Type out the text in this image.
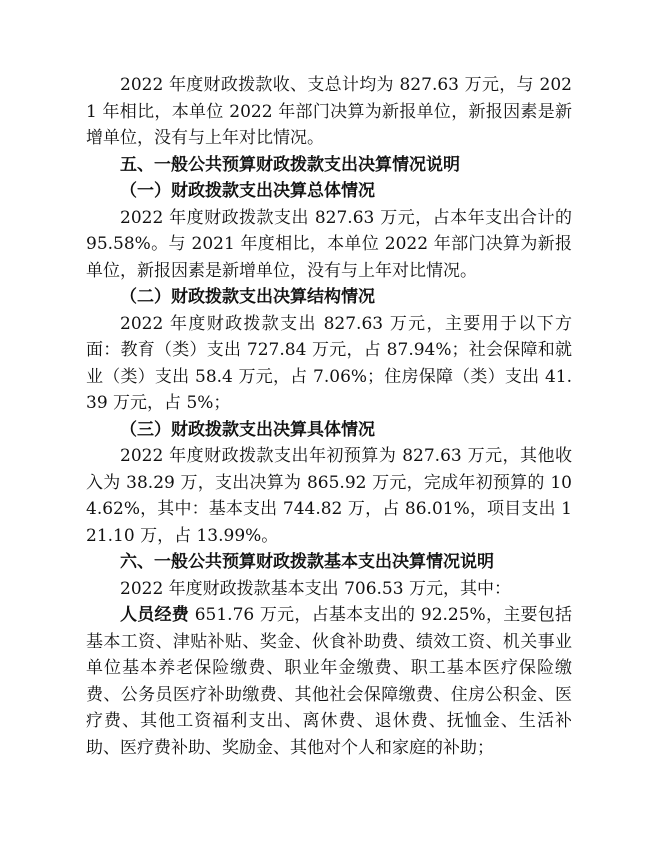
2022 年度财政拨款收、支总计均为 827.63 万元，与 2021 年相比，本单位 2022 年部门决算为新报单位，新报因素是新增单位，没有与上年对比情况。

五、一般公共预算财政拨款支出决算情况说明

（一）财政拨款支出决算总体情况

2022 年度财政拨款支出 827.63 万元，占本年支出合计的 95.58%。与 2021 年度相比，本单位 2022 年部门决算为新报单位，新报因素是新增单位，没有与上年对比情况。

（二）财政拨款支出决算结构情况

2022 年度财政拨款支出 827.63 万元，主要用于以下方面：教育（类）支出 727.84 万元，占 87.94%；社会保障和就业（类）支出 58.4 万元，占 7.06%；住房保障（类）支出 41.39 万元，占 5%；

（三）财政拨款支出决算具体情况

2022 年度财政拨款支出年初预算为 827.63 万元，其他收入为 38.29 万，支出决算为 865.92 万元，完成年初预算的 104.62%，其中：基本支出 744.82 万，占 86.01%，项目支出 121.10 万，占 13.99%。

六、一般公共预算财政拨款基本支出决算情况说明

2022 年度财政拨款基本支出 706.53 万元，其中：

人员经费 651.76 万元，占基本支出的 92.25%，主要包括基本工资、津贴补贴、奖金、伙食补助费、绩效工资、机关事业单位基本养老保险缴费、职业年金缴费、职工基本医疗保险缴费、公务员医疗补助缴费、其他社会保障缴费、住房公积金、医疗费、其他工资福利支出、离休费、退休费、抚恤金、生活补助、医疗费补助、奖励金、其他对个人和家庭的补助；
